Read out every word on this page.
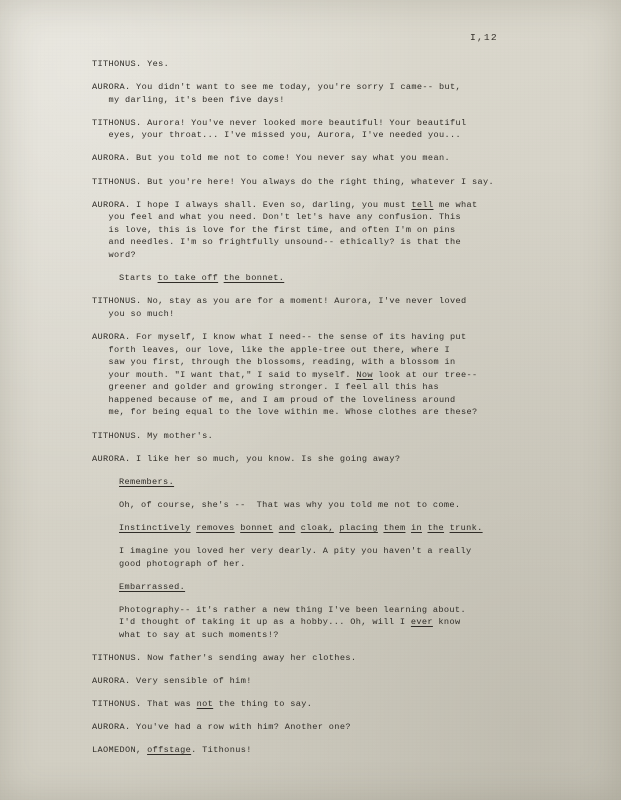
I,12
TITHONUS. Yes.
AURORA. You didn't want to see me today, you're sorry I came-- but,
my darling, it's been five days!
TITHONUS. Aurora! You've never looked more beautiful! Your beautiful
eyes, your throat... I've missed you, Aurora, I've needed you...
AURORA. But you told me not to come! You never say what you mean.
TITHONUS. But you're here! You always do the right thing, whatever I say.
AURORA. I hope I always shall. Even so, darling, you must tell me what
you feel and what you need. Don't let's have any confusion. This
is love, this is love for the first time, and often I'm on pins
and needles. I'm so frightfully unsound-- ethically? is that the
word?
Starts to take off the bonnet.
TITHONUS. No, stay as you are for a moment! Aurora, I've never loved
you so much!
AURORA. For myself, I know what I need-- the sense of its having put
forth leaves, our love, like the apple-tree out there, where I
saw you first, through the blossoms, reading, with a blossom in
your mouth. "I want that," I said to myself. Now look at our tree--
greener and golder and growing stronger. I feel all this has
happened because of me, and I am proud of the loveliness around
me, for being equal to the love within me. Whose clothes are these?
TITHONUS. My mother's.
AURORA. I like her so much, you know. Is she going away?
Remembers.
Oh, of course, she's --  That was why you told me not to come.
Instinctively removes bonnet and cloak, placing them in the trunk.
I imagine you loved her very dearly. A pity you haven't a really
good photograph of her.
Embarrassed.
Photography-- it's rather a new thing I've been learning about.
I'd thought of taking it up as a hobby... Oh, will I ever know
what to say at such moments!?
TITHONUS. Now father's sending away her clothes.
AURORA. Very sensible of him!
TITHONUS. That was not the thing to say.
AURORA. You've had a row with him? Another one?
LAOMEDON, offstage. Tithonus!
